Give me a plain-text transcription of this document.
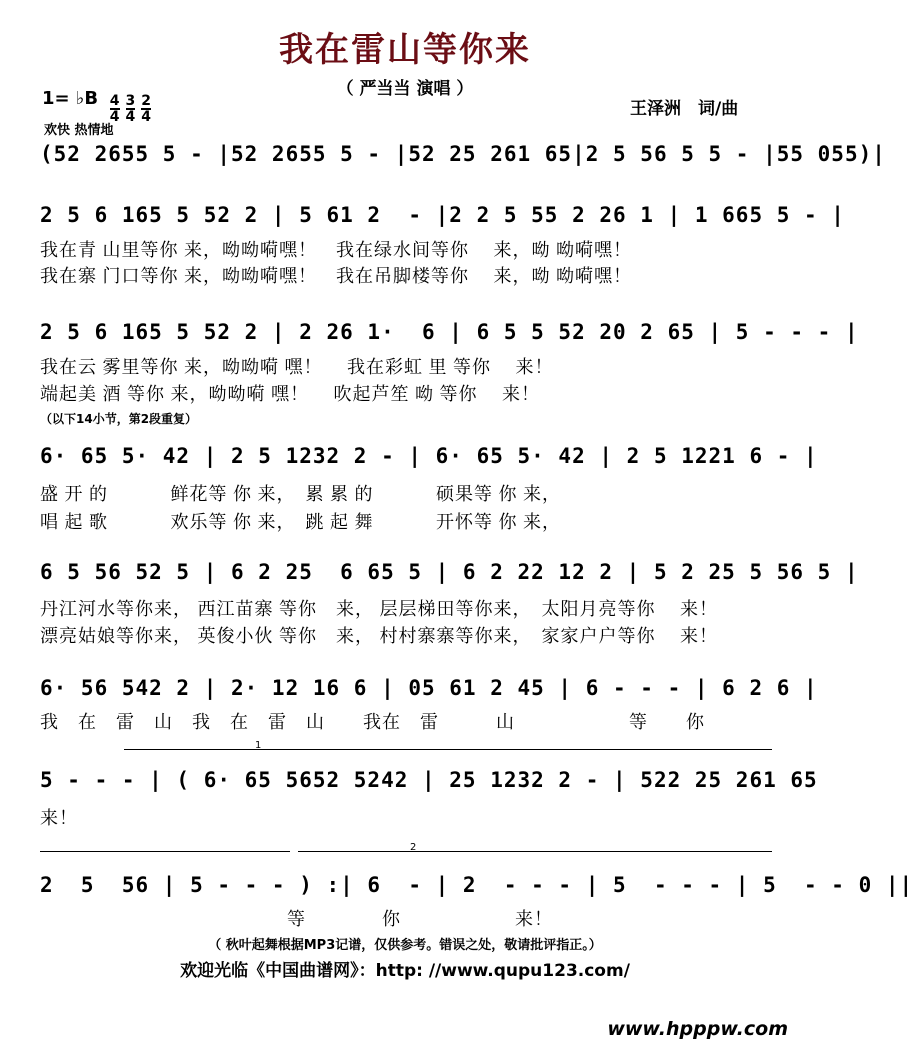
我在雷山等你来
（ 严当当 演唱 ）
1= ♭B

$\frac{4}{4} \frac{3}{4} \frac{2}{4}$	王泽洲　词/曲
欢快 热情地
(52 2655 5 - |52 2655 5 - |52 25 261 65|2 5 56 5 5 - |55 055)|
2 5 6 165 5 52 2 | 5 61 2  - |2 2 5 55 2 26 1 | 1 665 5 - |
我在青 山里等你 来，呦呦嗬嘿！　我在绿水间等你　 来，呦 呦嗬嘿！
我在寨 门口等你 来，呦呦嗬嘿！　我在吊脚楼等你　 来，呦 呦嗬嘿！
2 5 6 165 5 52 2 | 2 26 1·  6 | 6 5 5 52 20 2 65 | 5 - - - |
我在云 雾里等你 来，呦呦嗬 嘿！　 我在彩虹 里 等你　 来！
端起美 酒 等你 来，呦呦嗬 嘿！　 吹起芦笙 呦 等你　 来！
（以下14小节，第2段重复）
6· 65 5· 42 | 2 5 1232 2 - | 6· 65 5· 42 | 2 5 1221 6 - |
盛 开 的　　　 鲜花等 你 来，　累 累 的　　　 硕果等 你 来，
唱 起 歌　　　 欢乐等 你 来，　跳 起 舞　　　 开怀等 你 来，
6 5 56 52 5 | 6 2 25  6 65 5 | 6 2 22 12 2 | 5 2 25 5 56 5 |
丹江河水等你来， 西江苗寨 等你　来， 层层梯田等你来，　太阳月亮等你　 来！
漂亮姑娘等你来， 英俊小伙 等你　来， 村村寨寨等你来，　家家户户等你　 来！
6· 56 542 2 | 2· 12 16 6 | 05 61 2 45 | 6 - - - | 6 2 6 |
我　在　雷　山　我　在　雷　山　　我在　雷　　　山　　　　　　等　　你
1
5 - - - | ( 6· 65 5652 5242 | 25 1232 2 - | 522 25 261 65
来！
2
2  5  56 | 5 - - - ) :| 6  - | 2  - - - | 5  - - - | 5  - - 0 ||
　　　　　　　　　　　　　等　　　　你　　　　　　来！
（ 秋叶起舞根据MP3记谱，仅供参考。错误之处，敬请批评指正。）
欢迎光临《中国曲谱网》：http: //www.qupu123.com/
www.hpppw.com
